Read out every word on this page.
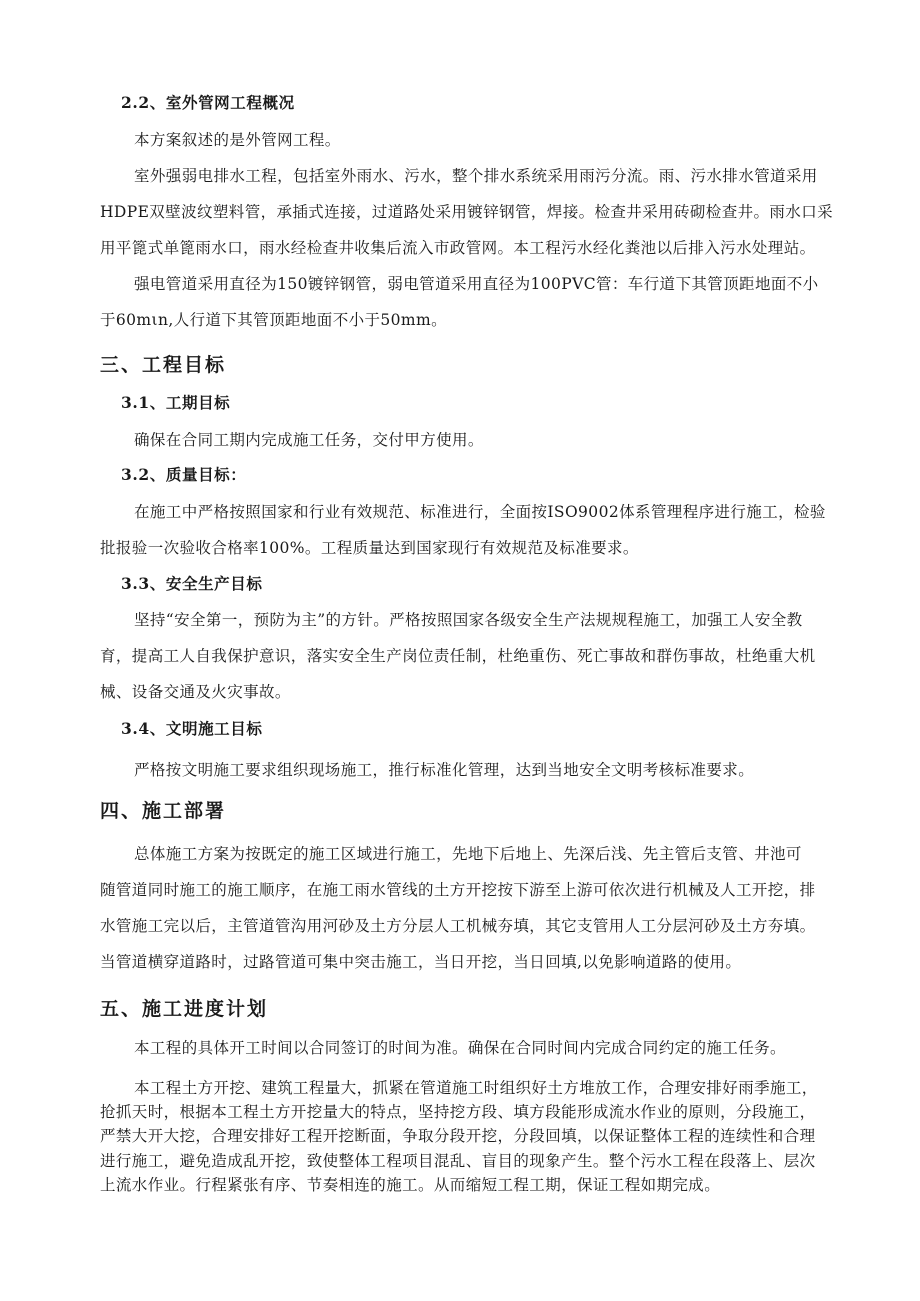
2.2、室外管网工程概况

本方案叙述的是外管网工程。

室外强弱电排水工程，包括室外雨水、污水，整个排水系统采用雨污分流。雨、污水排水管道采用
HDPE双壁波纹塑料管，承插式连接，过道路处采用镀锌钢管，焊接。检查井采用砖砌检查井。雨水口采
用平篦式单篦雨水口，雨水经检查井收集后流入市政管网。本工程污水经化粪池以后排入污水处理站。

强电管道采用直径为150镀锌钢管，弱电管道采用直径为100PVC管：车行道下其管顶距地面不小
于60mιn,人行道下其管顶距地面不小于50mm。

三、工程目标
3.1、工期目标

确保在合同工期内完成施工任务，交付甲方使用。

3.2、质量目标：

在施工中严格按照国家和行业有效规范、标准进行，全面按ISO9002体系管理程序进行施工，检验
批报验一次验收合格率100%。工程质量达到国家现行有效规范及标准要求。

3.3、安全生产目标

坚持“安全第一，预防为主”的方针。严格按照国家各级安全生产法规规程施工，加强工人安全教
育，提高工人自我保护意识，落实安全生产岗位责任制，杜绝重伤、死亡事故和群伤事故，杜绝重大机
械、设备交通及火灾事故。

3.4、文明施工目标

严格按文明施工要求组织现场施工，推行标准化管理，达到当地安全文明考核标准要求。

四、施工部署

总体施工方案为按既定的施工区域进行施工，先地下后地上、先深后浅、先主管后支管、井池可
随管道同时施工的施工顺序，在施工雨水管线的土方开挖按下游至上游可依次进行机械及人工开挖，排
水管施工完以后，主管道管沟用河砂及土方分层人工机械夯填，其它支管用人工分层河砂及土方夯填。
当管道横穿道路时，过路管道可集中突击施工，当日开挖，当日回填,以免影响道路的使用。

五、施工进度计划

本工程的具体开工时间以合同签订的时间为准。确保在合同时间内完成合同约定的施工任务。

本工程土方开挖、建筑工程量大，抓紧在管道施工时组织好土方堆放工作，合理安排好雨季施工，
抢抓天时，根据本工程土方开挖量大的特点，坚持挖方段、填方段能形成流水作业的原则，分段施工，
严禁大开大挖，合理安排好工程开挖断面，争取分段开挖，分段回填，以保证整体工程的连续性和合理
进行施工，避免造成乱开挖，致使整体工程项目混乱、盲目的现象产生。整个污水工程在段落上、层次
上流水作业。行程紧张有序、节奏相连的施工。从而缩短工程工期，保证工程如期完成。
